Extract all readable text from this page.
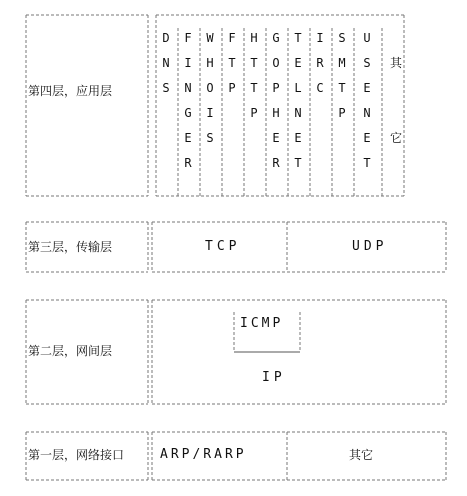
第四层，应用层
第三层，传输层
第二层，网间层
第一层，网络接口
D
N
S
F
I
N
G
E
R
W
H
O
I
S
F
T
P
H
T
T
P
G
O
P
H
E
R
T
E
L
N
E
T
I
R
C
S
M
T
P
U
S
E
N
E
T
其
它
TCP	UDP
ICMP
IP
ARP/RARP	其它
